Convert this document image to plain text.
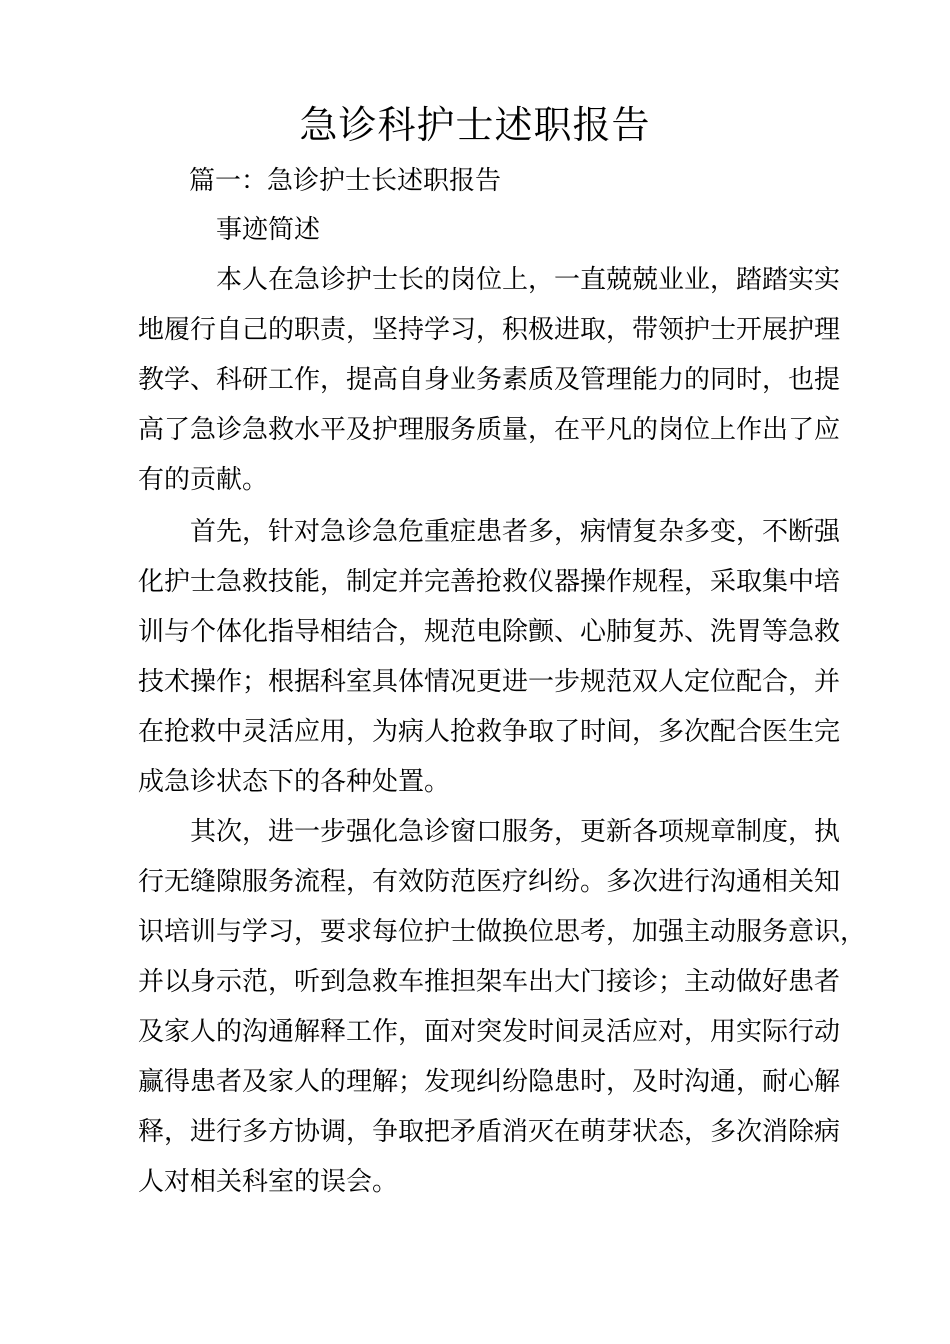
急诊科护士述职报告
篇一：急诊护士长述职报告
事迹简述
本人在急诊护士长的岗位上，一直兢兢业业，踏踏实实
地履行自己的职责，坚持学习，积极进取，带领护士开展护理
教学、科研工作，提高自身业务素质及管理能力的同时，也提
高了急诊急救水平及护理服务质量，在平凡的岗位上作出了应
有的贡献。
首先，针对急诊急危重症患者多，病情复杂多变，不断强
化护士急救技能，制定并完善抢救仪器操作规程，采取集中培
训与个体化指导相结合，规范电除颤、心肺复苏、洗胃等急救
技术操作；根据科室具体情况更进一步规范双人定位配合，并
在抢救中灵活应用，为病人抢救争取了时间，多次配合医生完
成急诊状态下的各种处置。
其次，进一步强化急诊窗口服务，更新各项规章制度，执
行无缝隙服务流程，有效防范医疗纠纷。多次进行沟通相关知
识培训与学习，要求每位护士做换位思考，加强主动服务意识，
并以身示范，听到急救车推担架车出大门接诊；主动做好患者
及家人的沟通解释工作，面对突发时间灵活应对，用实际行动
赢得患者及家人的理解；发现纠纷隐患时，及时沟通，耐心解
释，进行多方协调，争取把矛盾消灭在萌芽状态，多次消除病
人对相关科室的误会。
